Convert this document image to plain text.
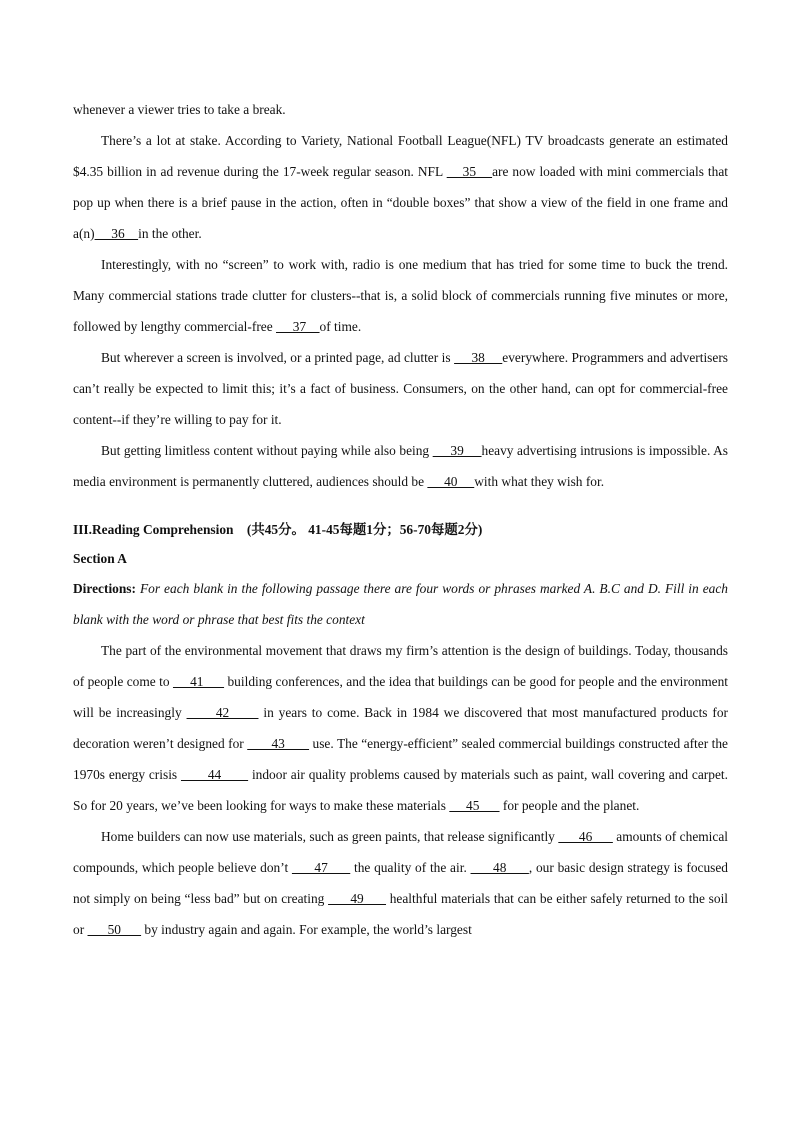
whenever a viewer tries to take a break.

There’s a lot at stake. According to Variety, National Football League(NFL) TV broadcasts generate an estimated $4.35 billion in ad revenue during the 17-week regular season. NFL     35    are now loaded with mini commercials that pop up when there is a brief pause in the action, often in “double boxes” that show a view of the field in one frame and a(n)     36    in the other.

Interestingly, with no “screen” to work with, radio is one medium that has tried for some time to buck the trend. Many commercial stations trade clutter for clusters--that is, a solid block of commercials running five minutes or more, followed by lengthy commercial-free      37    of time.

But wherever a screen is involved, or a printed page, ad clutter is      38     everywhere. Programmers and advertisers can’t really be expected to limit this; it’s a fact of business. Consumers, on the other hand, can opt for commercial-free content--if they’re willing to pay for it.

But getting limitless content without paying while also being      39     heavy advertising intrusions is impossible. As media environment is permanently cluttered, audiences should be      40     with what they wish for.

III.Reading Comprehension　(共45分。 41-45每题1分；56-70每题2分)
Section A

Directions: For each blank in the following passage there are four words or phrases marked A. B.C and D. Fill in each blank with the word or phrase that best fits the context

The part of the environmental movement that draws my firm’s attention is the design of buildings. Today, thousands of people come to      41       building conferences, and the idea that buildings can be good for people and the environment will be increasingly       42       in years to come. Back in 1984 we discovered that most manufactured products for decoration weren’t designed for        43        use. The “energy-efficient” sealed commercial buildings constructed after the 1970s energy crisis        44        indoor air quality problems caused by materials such as paint, wall covering and carpet. So for 20 years, we’ve been looking for ways to make these materials      45       for people and the planet.

Home builders can now use materials, such as green paints, that release significantly       46       amounts of chemical compounds, which people believe don’t       47       the quality of the air.       48      , our basic design strategy is focused not simply on being “less bad” but on creating       49       healthful materials that can be either safely returned to the soil or       50       by industry again and again. For example, the world’s largest
